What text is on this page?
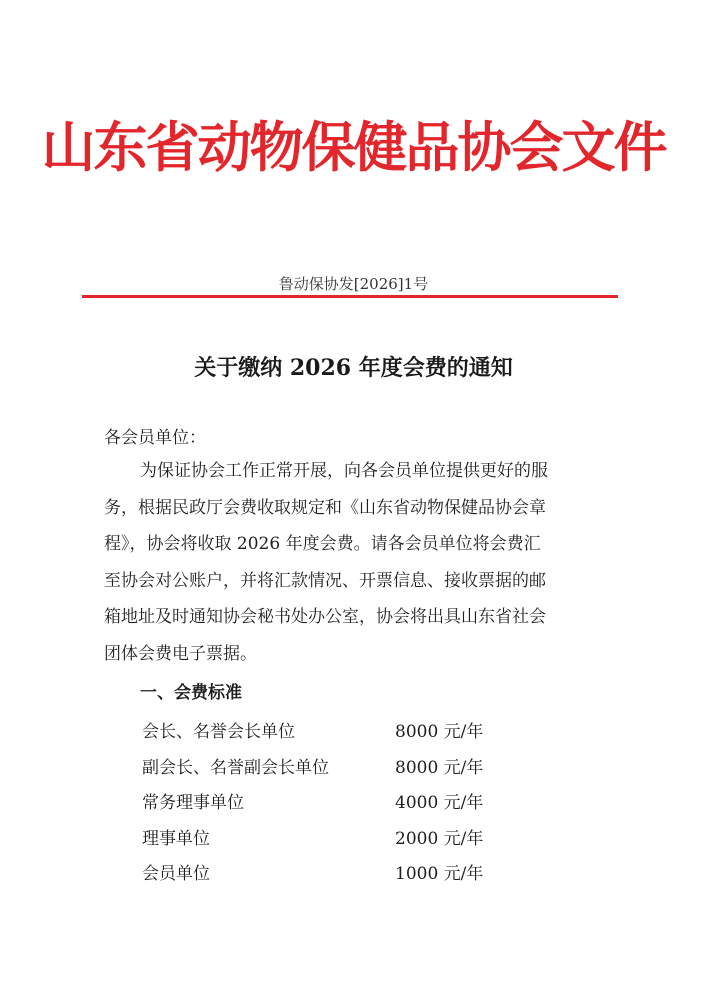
山东省动物保健品协会文件
鲁动保协发[2026]1号
关于缴纳 2026 年度会费的通知
各会员单位：
为保证协会工作正常开展，向各会员单位提供更好的服
务，根据民政厅会费收取规定和《山东省动物保健品协会章
程》，协会将收取 2026 年度会费。请各会员单位将会费汇
至协会对公账户，并将汇款情况、开票信息、接收票据的邮
箱地址及时通知协会秘书处办公室，协会将出具山东省社会
团体会费电子票据。
一、会费标准
会长、名誉会长单位	8000 元/年
副会长、名誉副会长单位	8000 元/年
常务理事单位	4000 元/年
理事单位	2000 元/年
会员单位	1000 元/年
